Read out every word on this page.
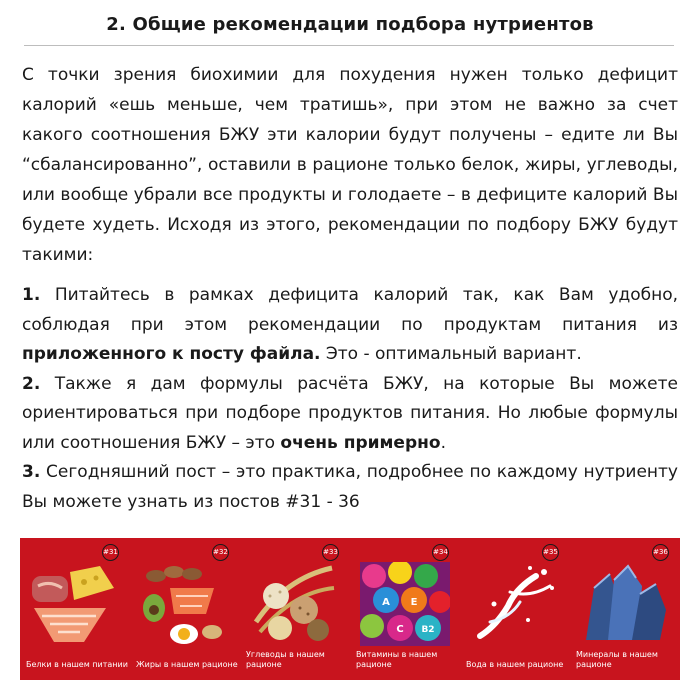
2. Общие рекомендации подбора нутриентов

С точки зрения биохимии для похудения нужен только дефицит калорий «ешь меньше, чем тратишь», при этом не важно за счет какого соотношения БЖУ эти калории будут получены – едите ли Вы “сбалансированно”, оставили в рационе только белок, жиры, углеводы, или вообще убрали все продукты и голодаете – в дефиците калорий Вы будете худеть. Исходя из этого, рекомендации по подбору БЖУ будут такими:

1. Питайтесь в рамках дефицита калорий так, как Вам удобно, соблюдая при этом рекомендации по продуктам питания из приложенного к посту файла. Это - оптимальный вариант.

2. Также я дам формулы расчёта БЖУ, на которые Вы можете ориентироваться при подборе продуктов питания. Но любые формулы или соотношения БЖУ – это очень примерно.

3. Сегодняшний пост – это практика, подробнее по каждому нутриенту Вы можете узнать из постов #31 - 36

#31
Белки в нашем питании
#32
Жиры в нашем рационе
#33
Углеводы в нашем рационе
#34
A E
B2
C
Витамины в нашем рационе
#35
Вода в нашем рационе
#36
Минералы в нашем рационе
